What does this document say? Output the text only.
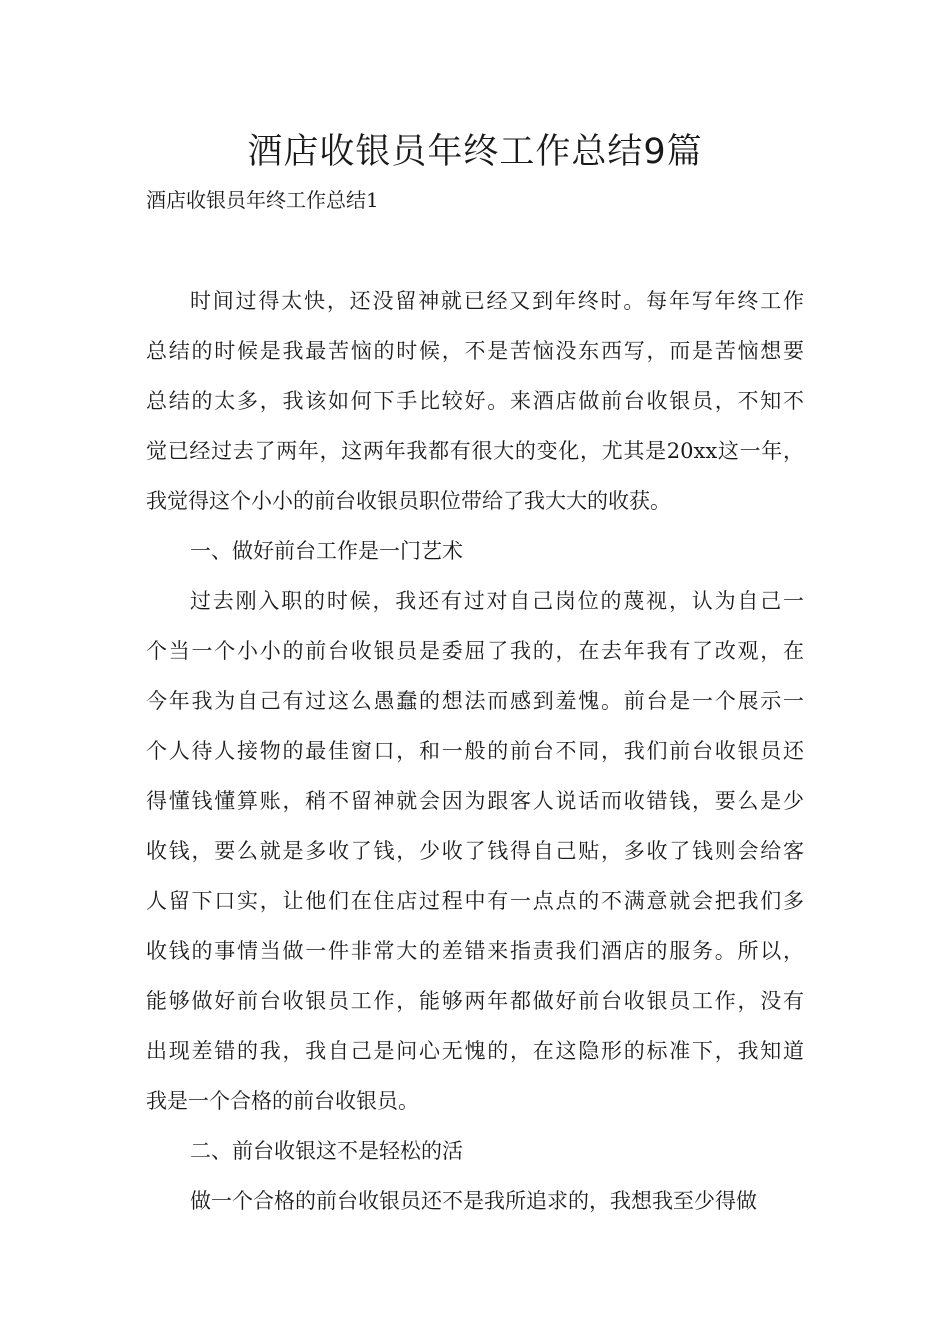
酒店收银员年终工作总结9篇

酒店收银员年终工作总结1

时间过得太快，还没留神就已经又到年终时。每年写年终工作
总结的时候是我最苦恼的时候，不是苦恼没东西写，而是苦恼想要
总结的太多，我该如何下手比较好。来酒店做前台收银员，不知不
觉已经过去了两年，这两年我都有很大的变化，尤其是20xx这一年，
我觉得这个小小的前台收银员职位带给了我大大的收获。

一、做好前台工作是一门艺术

过去刚入职的时候，我还有过对自己岗位的蔑视，认为自己一
个当一个小小的前台收银员是委屈了我的，在去年我有了改观，在
今年我为自己有过这么愚蠢的想法而感到羞愧。前台是一个展示一
个人待人接物的最佳窗口，和一般的前台不同，我们前台收银员还
得懂钱懂算账，稍不留神就会因为跟客人说话而收错钱，要么是少
收钱，要么就是多收了钱，少收了钱得自己贴，多收了钱则会给客
人留下口实，让他们在住店过程中有一点点的不满意就会把我们多
收钱的事情当做一件非常大的差错来指责我们酒店的服务。所以，
能够做好前台收银员工作，能够两年都做好前台收银员工作，没有
出现差错的我，我自己是问心无愧的，在这隐形的标准下，我知道
我是一个合格的前台收银员。

二、前台收银这不是轻松的活

做一个合格的前台收银员还不是我所追求的，我想我至少得做
